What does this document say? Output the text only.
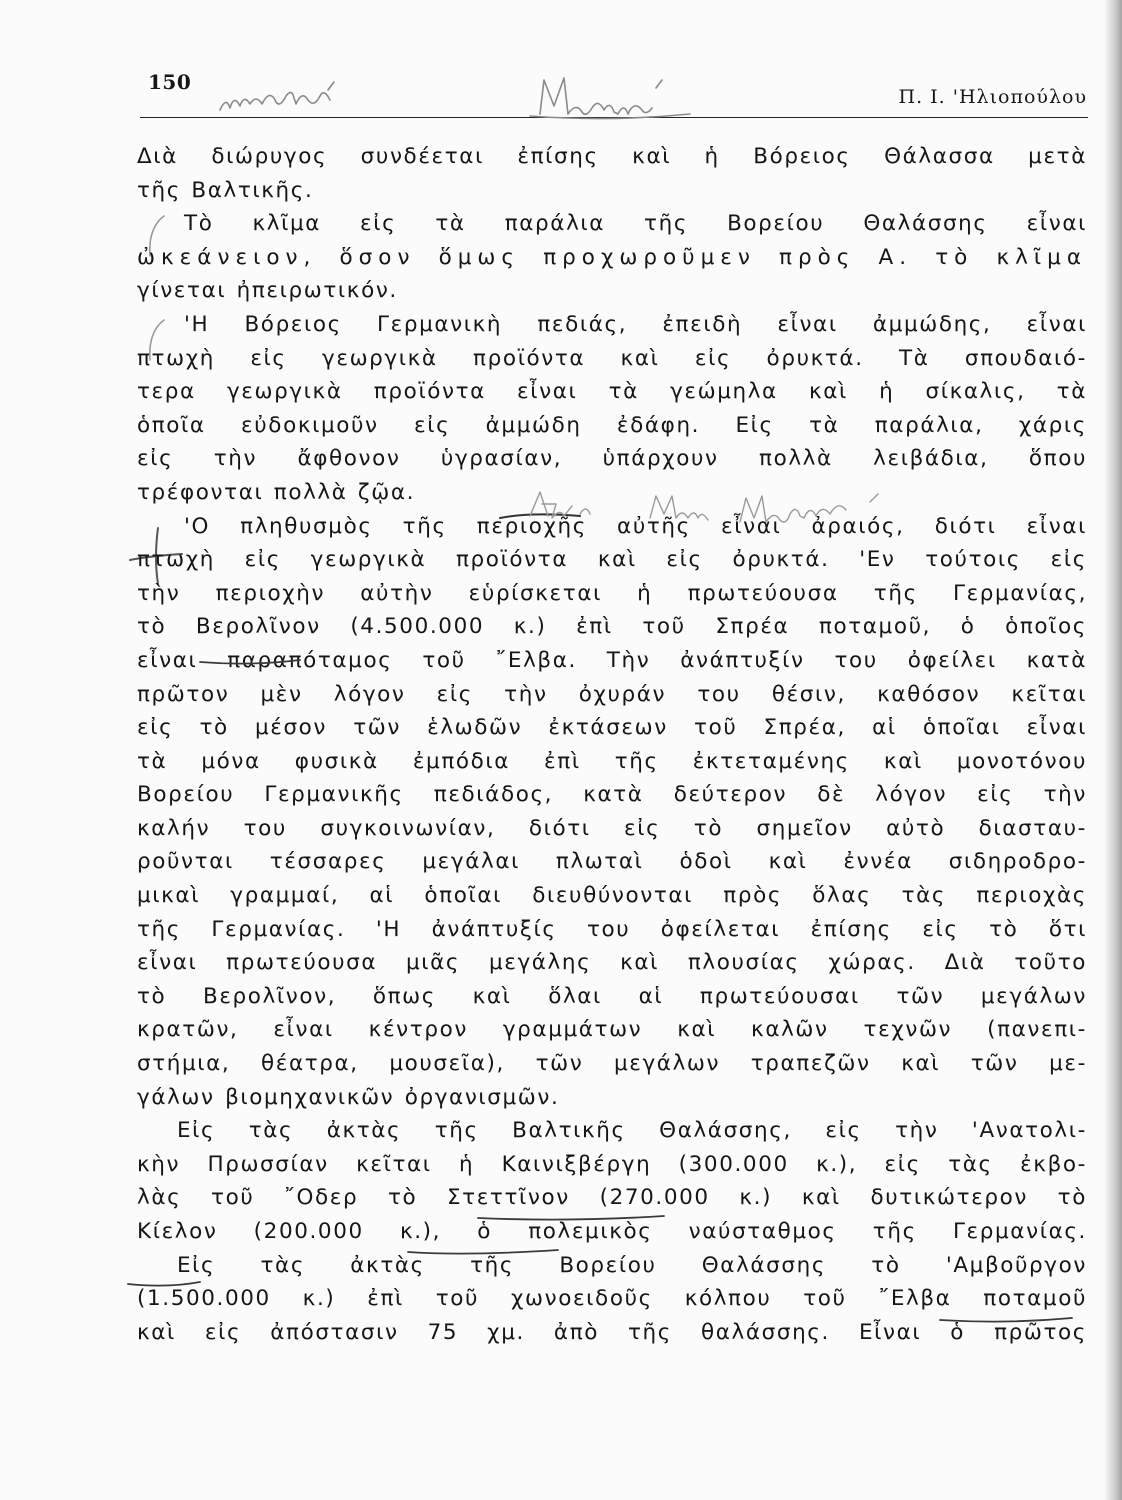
150
Π. Ι. 'Ηλιοπούλου
Διὰ διώρυγος συνδέεται ἐπίσης καὶ ἡ Βόρειος Θάλασσα μετὰ
τῆς Βαλτικῆς.
Τὸ κλῖμα εἰς τὰ παράλια τῆς Βορείου Θαλάσσης εἶναι
ὠκεάνειον, ὅσον ὅμως προχωροῦμεν πρὸς Α. τὸ κλῖμα
γίνεται ἠπειρωτικόν.
'Η Βόρειος Γερμανικὴ πεδιάς, ἐπειδὴ εἶναι ἀμμώδης, εἶναι
πτωχὴ εἰς γεωργικὰ προϊόντα καὶ εἰς ὀρυκτά. Τὰ σπουδαιό-
τερα γεωργικὰ προϊόντα εἶναι τὰ γεώμηλα καὶ ἡ σίκαλις, τὰ
ὁποῖα εὐδοκιμοῦν εἰς ἀμμώδη ἐδάφη. Εἰς τὰ παράλια, χάρις
εἰς τὴν ἄφθονον ὑγρασίαν, ὑπάρχουν πολλὰ λειβάδια, ὅπου
τρέφονται πολλὰ ζῷα.
'Ο πληθυσμὸς τῆς περιοχῆς αὐτῆς εἶναι ἀραιός, διότι εἶναι
πτωχὴ εἰς γεωργικὰ προϊόντα καὶ εἰς ὀρυκτά. 'Εν τούτοις εἰς
τὴν περιοχὴν αὐτὴν εὑρίσκεται ἡ πρωτεύουσα τῆς Γερμανίας,
τὸ Βερολῖνον (4.500.000 κ.) ἐπὶ τοῦ Σπρέα ποταμοῦ, ὁ ὁποῖος
εἶναι παραπόταμος τοῦ ῎Ελβα. Τὴν ἀνάπτυξίν του ὀφείλει κατὰ
πρῶτον μὲν λόγον εἰς τὴν ὀχυράν του θέσιν, καθόσον κεῖται
εἰς τὸ μέσον τῶν ἑλωδῶν ἐκτάσεων τοῦ Σπρέα, αἱ ὁποῖαι εἶναι
τὰ μόνα φυσικὰ ἐμπόδια ἐπὶ τῆς ἐκτεταμένης καὶ μονοτόνου
Βορείου Γερμανικῆς πεδιάδος, κατὰ δεύτερον δὲ λόγον εἰς τὴν
καλήν του συγκοινωνίαν, διότι εἰς τὸ σημεῖον αὐτὸ διασταυ-
ροῦνται τέσσαρες μεγάλαι πλωταὶ ὁδοὶ καὶ ἐννέα σιδηροδρο-
μικαὶ γραμμαί, αἱ ὁποῖαι διευθύνονται πρὸς ὅλας τὰς περιοχὰς
τῆς Γερμανίας. 'Η ἀνάπτυξίς του ὀφείλεται ἐπίσης εἰς τὸ ὅτι
εἶναι πρωτεύουσα μιᾶς μεγάλης καὶ πλουσίας χώρας. Διὰ τοῦτο
τὸ Βερολῖνον, ὅπως καὶ ὅλαι αἱ πρωτεύουσαι τῶν μεγάλων
κρατῶν, εἶναι κέντρον γραμμάτων καὶ καλῶν τεχνῶν (πανεπι-
στήμια, θέατρα, μουσεῖα), τῶν μεγάλων τραπεζῶν καὶ τῶν με-
γάλων βιομηχανικῶν ὀργανισμῶν.
Εἰς τὰς ἀκτὰς τῆς Βαλτικῆς Θαλάσσης, εἰς τὴν 'Ανατολι-
κὴν Πρωσσίαν κεῖται ἡ Καινιξβέργη (300.000 κ.), εἰς τὰς ἐκβο-
λὰς τοῦ ῎Οδερ τὸ Στεττῖνον (270.000 κ.) καὶ δυτικώτερον τὸ
Κίελον (200.000 κ.), ὁ πολεμικὸς ναύσταθμος τῆς Γερμανίας.
Εἰς τὰς ἀκτὰς τῆς Βορείου Θαλάσσης τὸ 'Αμβοῦργον
(1.500.000 κ.) ἐπὶ τοῦ χωνοειδοῦς κόλπου τοῦ ῎Ελβα ποταμοῦ
καὶ εἰς ἀπόστασιν 75 χμ. ἀπὸ τῆς θαλάσσης. Εἶναι ὁ πρῶτος
